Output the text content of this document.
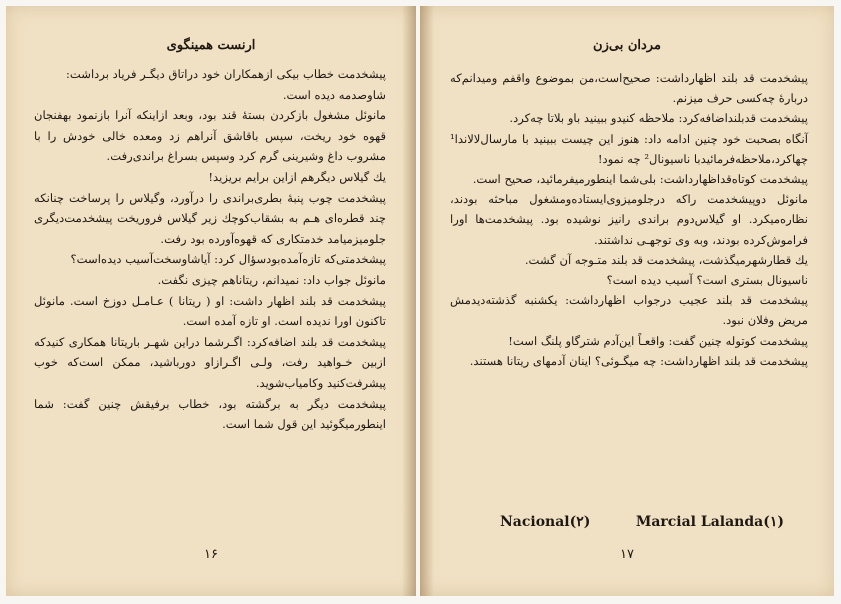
ارنست همینگوی

پیشخدمت خطاب بیکی ازهمکاران خود دراتاق دیگـر فریاد برداشت:

شاوصدمه دیده است.

مانوئل مشغول بازکردن بستهٔ قند بود، وبعد ازاینکه آنرا بازنمود بهفنجان قهوه خود ریخت، سپس باقاشق آنراهم زد ومعده خالی خودش را با مشروب داغ وشیرینی گرم کرد وسپس بسراغ براندی‌رفت.

یك گیلاس دیگرهم ازاین برایم بریزید!

پیشخدمت چوب پنبهٔ بطری‌براندی را درآورد، وگیلاس را پرساخت چنانکه چند قطره‌ای هـم به بشقاب‌کوچك زیر گیلاس فروریخت پیشخدمت‌دیگری جلومیزمیامد خدمتکاری که قهوه‌آورده بود رفت.

پیشخدمتی‌که تازه‌آمده‌بودسؤال کرد: آیاشاوسخت‌آسیب دیده‌است؟

مانوئل جواب داد: نمیدانم، ریتاناهم چیزی نگفت.

پیشخدمت قد بلند اظهار داشت: او ( ریتانا ) عـامـل دوزخ است. مانوئل تاکنون اورا ندیده است. او تازه آمده است.

پیشخدمت قد بلند اضافه‌کرد: اگـرشما دراین شهـر باریتانا همکاری کنیدکه ازبین خـواهید رفت، ولـی اگـرازاو دورباشید، ممکن است‌که خوب پیشرفت‌کنید وکامیاب‌شوید.

پیشخدمت دیگر به برگشته بود، خطاب برفیقش چنین گفت: شما اینطورمیگوئید این قول شما است.

۱۶
مردان بی‌زن

پیشخدمت قد بلند اظهارداشت: صحیح‌است،من بموضوع واقفم ومیدانم‌که دربارهٔ چه‌کسی حرف میزنم.

پیشخدمت قدبلنداضافه‌کرد: ملاحظه کنیدو ببینید باو بلاتا چه‌کرد.

آنگاه بصحبت خود چنین ادامه داد: هنوز این چیست ببینید با مارسال‌لالاندا¹ چهاکرد،ملاحظه‌فرمائیدبا ناسیونال² چه نمود!

پیشخدمت کوتاه‌قداظهارداشت: بلی‌شما اینطورمیفرمائید، صحیح است.

مانوئل دوپیشخدمت راکه درجلومیزوی‌ایستاده‌ومشغول مباحثه بودند، نظاره‌میکرد. او گیلاس‌دوم براندی را‌نیز نوشیده بود. پیشخدمت‌ها اورا فراموش‌کرده بودند، وبه وی توجهـی نداشتند.

یك قطارشهرمیگذشت، پیشخدمت قد بلند متـوجه آن گشت.

ناسیونال بستری است؟ آسیب دیده است؟

پیشخدمت قد بلند عجیب درجواب اظهارداشت: یکشنبه گذشته‌دیدمش مریض وفلان نبود.

پیشخدمت کوتوله چنین گفت: واقعـاً این‌آدم شترگاو پلنگ است!

پیشخدمت قد بلند اظهارداشت: چه میگـوئی؟ اینان آدمهای ریتانا هستند.

Nacional(۲)	Marcial Lalanda(۱)
۱۷
